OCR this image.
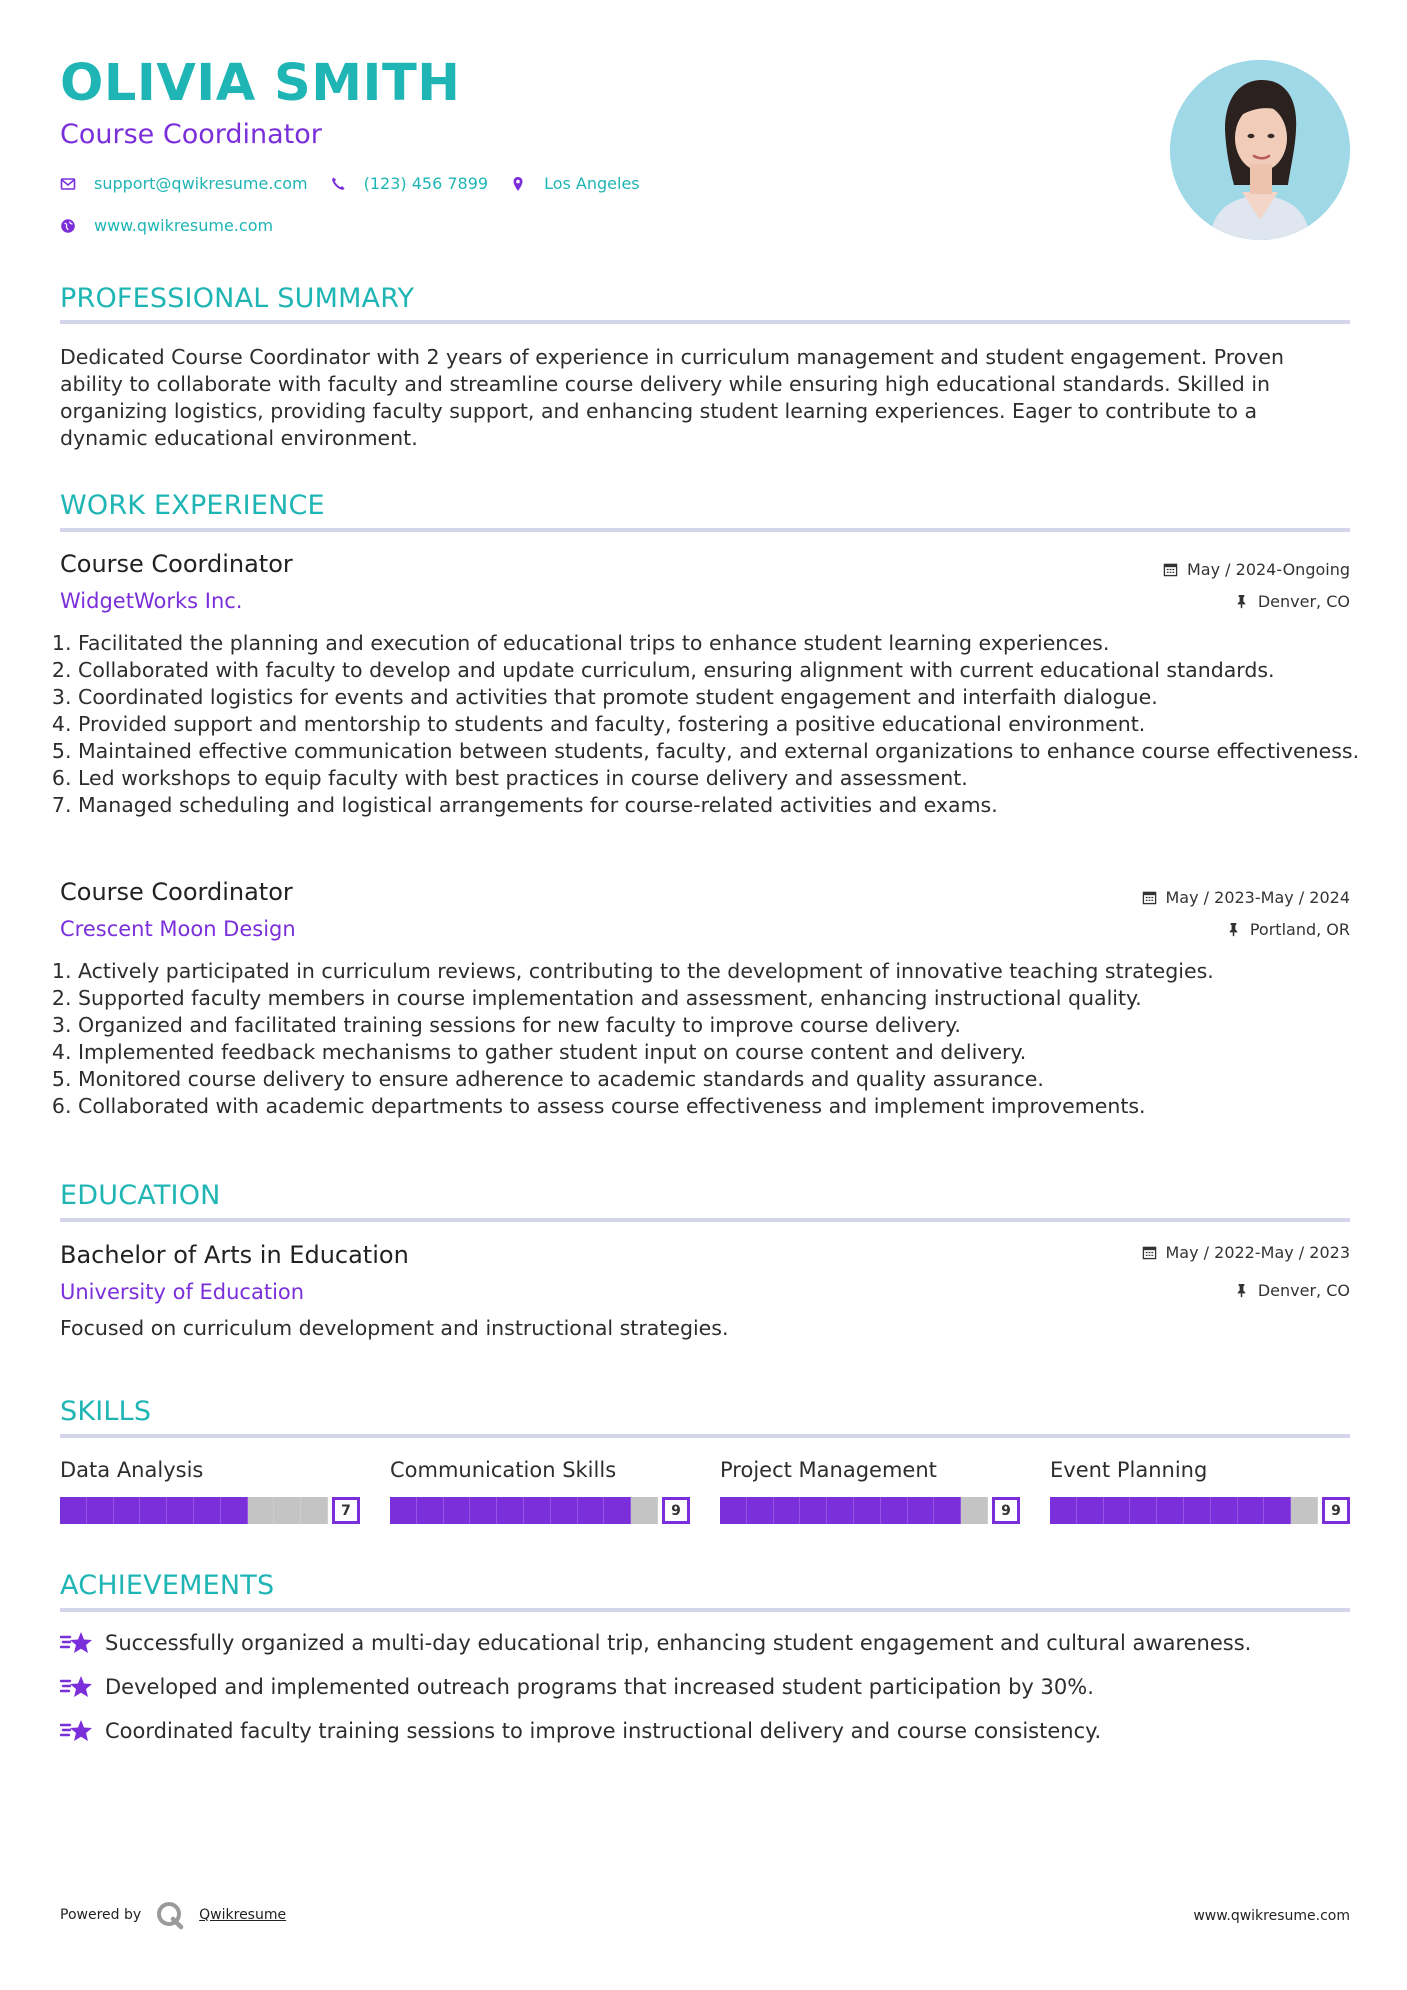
OLIVIA SMITH
Course Coordinator
support@qwikresume.com	(123) 456 7899	Los Angeles
www.qwikresume.com
PROFESSIONAL SUMMARY
Dedicated Course Coordinator with 2 years of experience in curriculum management and student engagement. Proven ability to collaborate with faculty and streamline course delivery while ensuring high educational standards. Skilled in organizing logistics, providing faculty support, and enhancing student learning experiences. Eager to contribute to a dynamic educational environment.
WORK EXPERIENCE
Course Coordinator
WidgetWorks Inc.
May / 2024-Ongoing
Denver, CO
1. Facilitated the planning and execution of educational trips to enhance student learning experiences.
2. Collaborated with faculty to develop and update curriculum, ensuring alignment with current educational standards.
3. Coordinated logistics for events and activities that promote student engagement and interfaith dialogue.
4. Provided support and mentorship to students and faculty, fostering a positive educational environment.
5. Maintained effective communication between students, faculty, and external organizations to enhance course effectiveness.
6. Led workshops to equip faculty with best practices in course delivery and assessment.
7. Managed scheduling and logistical arrangements for course-related activities and exams.
Course Coordinator
Crescent Moon Design
May / 2023-May / 2024
Portland, OR
1. Actively participated in curriculum reviews, contributing to the development of innovative teaching strategies.
2. Supported faculty members in course implementation and assessment, enhancing instructional quality.
3. Organized and facilitated training sessions for new faculty to improve course delivery.
4. Implemented feedback mechanisms to gather student input on course content and delivery.
5. Monitored course delivery to ensure adherence to academic standards and quality assurance.
6. Collaborated with academic departments to assess course effectiveness and implement improvements.
EDUCATION
Bachelor of Arts in Education
University of Education
May / 2022-May / 2023
Denver, CO
Focused on curriculum development and instructional strategies.
SKILLS
Data Analysis
7
Communication Skills
9
Project Management
9
Event Planning
9
ACHIEVEMENTS
Successfully organized a multi-day educational trip, enhancing student engagement and cultural awareness.
Developed and implemented outreach programs that increased student participation by 30%.
Coordinated faculty training sessions to improve instructional delivery and course consistency.
Powered by	Qwikresume	www.qwikresume.com
